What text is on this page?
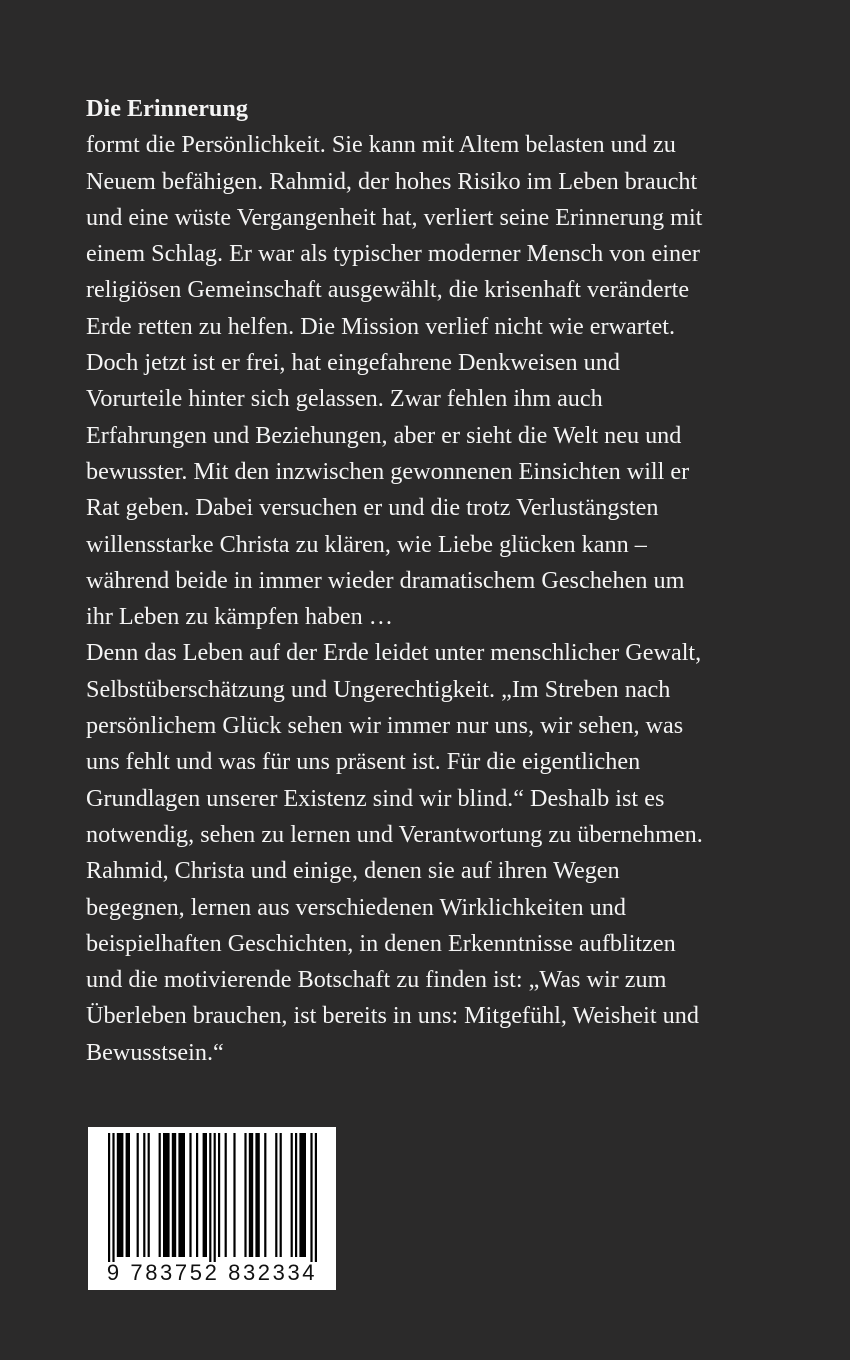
Die Erinnerung
formt die Persönlichkeit. Sie kann mit Altem belasten und zu
Neuem befähigen. Rahmid, der hohes Risiko im Leben braucht
und eine wüste Vergangenheit hat, verliert seine Erinnerung mit
einem Schlag. Er war als typischer moderner Mensch von einer
religiösen Gemeinschaft ausgewählt, die krisenhaft veränderte
Erde retten zu helfen. Die Mission verlief nicht wie erwartet.
Doch jetzt ist er frei, hat eingefahrene Denkweisen und
Vorurteile hinter sich gelassen. Zwar fehlen ihm auch
Erfahrungen und Beziehungen, aber er sieht die Welt neu und
bewusster. Mit den inzwischen gewonnenen Einsichten will er
Rat geben. Dabei versuchen er und die trotz Verlustängsten
willensstarke Christa zu klären, wie Liebe glücken kann –
während beide in immer wieder dramatischem Geschehen um
ihr Leben zu kämpfen haben …
Denn das Leben auf der Erde leidet unter menschlicher Gewalt,
Selbstüberschätzung und Ungerechtigkeit. „Im Streben nach
persönlichem Glück sehen wir immer nur uns, wir sehen, was
uns fehlt und was für uns präsent ist. Für die eigentlichen
Grundlagen unserer Existenz sind wir blind.“ Deshalb ist es
notwendig, sehen zu lernen und Verantwortung zu übernehmen.
Rahmid, Christa und einige, denen sie auf ihren Wegen
begegnen, lernen aus verschiedenen Wirklichkeiten und
beispielhaften Geschichten, in denen Erkenntnisse aufblitzen
und die motivierende Botschaft zu finden ist: „Was wir zum
Überleben brauchen, ist bereits in uns: Mitgefühl, Weisheit und
Bewusstsein.“
9 783752 832334
